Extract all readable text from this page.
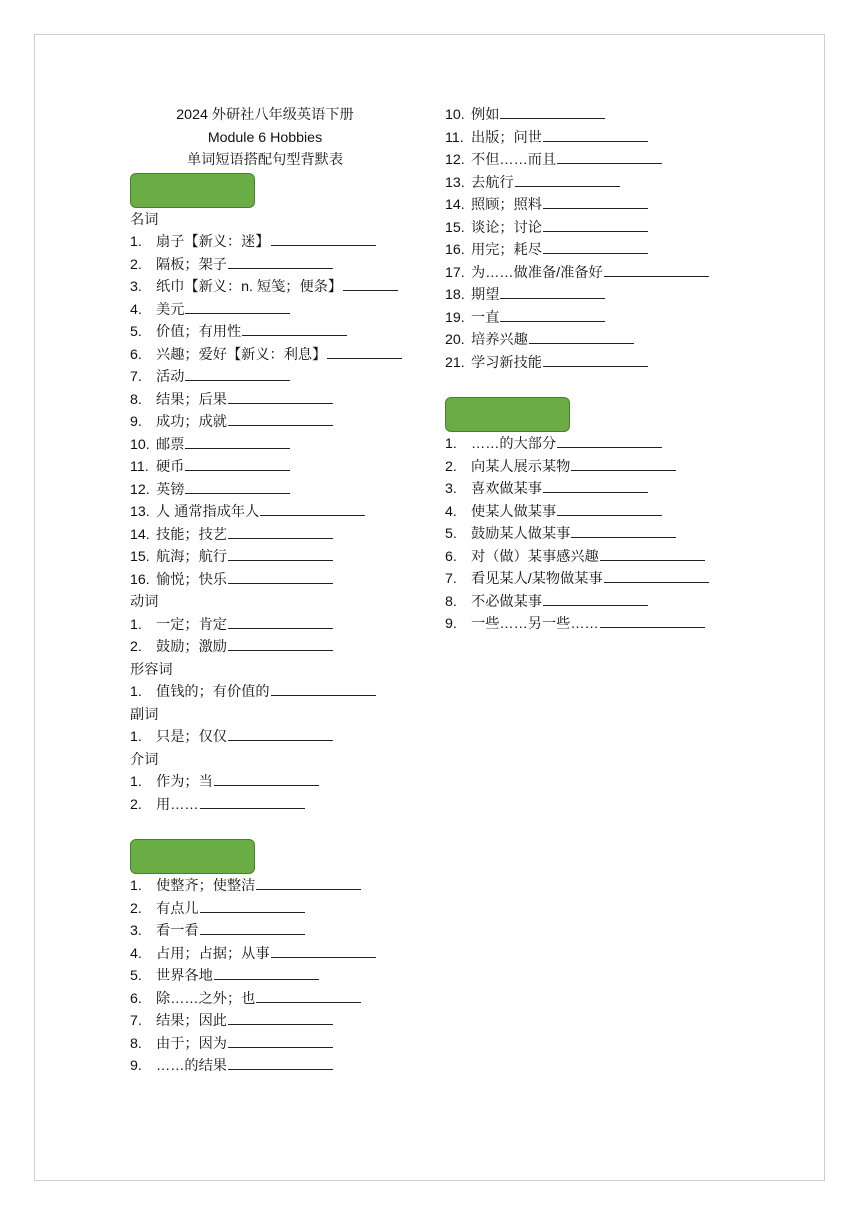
2024 外研社八年级英语下册
Module 6 Hobbies
单词短语搭配句型背默表
名词
1. 扇子【新义：迷】
2. 隔板；架子
3. 纸巾【新义：n. 短笺；便条】
4. 美元
5. 价值；有用性
6. 兴趣；爱好【新义：利息】
7. 活动
8. 结果；后果
9. 成功；成就
10. 邮票
11. 硬币
12. 英镑
13. 人 通常指成年人
14. 技能；技艺
15. 航海；航行
16. 愉悦；快乐
动词
1. 一定；肯定
2. 鼓励；激励
形容词
1. 值钱的；有价值的
副词
1. 只是；仅仅
介词
1. 作为；当
2. 用……
1. 使整齐；使整洁
2. 有点儿
3. 看一看
4. 占用；占据；从事
5. 世界各地
6. 除……之外；也
7. 结果；因此
8. 由于；因为
9. ……的结果
10. 例如
11. 出版；问世
12. 不但……而且
13. 去航行
14. 照顾；照料
15. 谈论；讨论
16. 用完；耗尽
17. 为……做准备/准备好
18. 期望
19. 一直
20. 培养兴趣
21. 学习新技能
1. ……的大部分
2. 向某人展示某物
3. 喜欢做某事
4. 使某人做某事
5. 鼓励某人做某事
6. 对（做）某事感兴趣
7. 看见某人/某物做某事
8. 不必做某事
9. 一些……另一些……
